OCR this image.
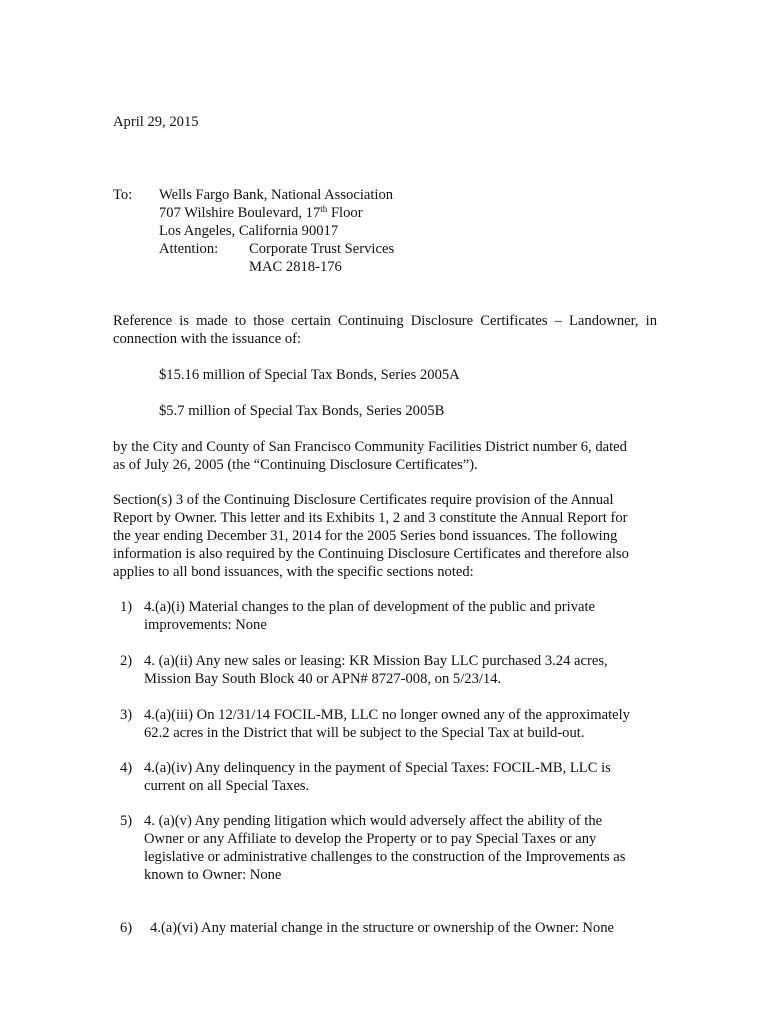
April 29, 2015
To: Wells Fargo Bank, National Association
707 Wilshire Boulevard, 17th Floor
Los Angeles, California 90017
Attention: Corporate Trust Services
MAC 2818-176
Reference is made to those certain Continuing Disclosure Certificates – Landowner, in connection with the issuance of:
$15.16 million of Special Tax Bonds, Series 2005A
$5.7 million of Special Tax Bonds, Series 2005B
by the City and County of San Francisco Community Facilities District number 6, dated
as of July 26, 2005 (the “Continuing Disclosure Certificates”).
Section(s) 3 of the Continuing Disclosure Certificates require provision of the Annual
Report by Owner. This letter and its Exhibits 1, 2 and 3 constitute the Annual Report for
the year ending December 31, 2014 for the 2005 Series bond issuances. The following
information is also required by the Continuing Disclosure Certificates and therefore also
applies to all bond issuances, with the specific sections noted:
1) 4.(a)(i) Material changes to the plan of development of the public and private
improvements: None
2) 4. (a)(ii) Any new sales or leasing: KR Mission Bay LLC purchased 3.24 acres,
Mission Bay South Block 40 or APN# 8727-008, on 5/23/14.
3) 4.(a)(iii) On 12/31/14 FOCIL-MB, LLC no longer owned any of the approximately
62.2 acres in the District that will be subject to the Special Tax at build-out.
4) 4.(a)(iv) Any delinquency in the payment of Special Taxes: FOCIL-MB, LLC is
current on all Special Taxes.
5) 4. (a)(v) Any pending litigation which would adversely affect the ability of the
Owner or any Affiliate to develop the Property or to pay Special Taxes or any
legislative or administrative challenges to the construction of the Improvements as
known to Owner: None
6) 4.(a)(vi) Any material change in the structure or ownership of the Owner: None
